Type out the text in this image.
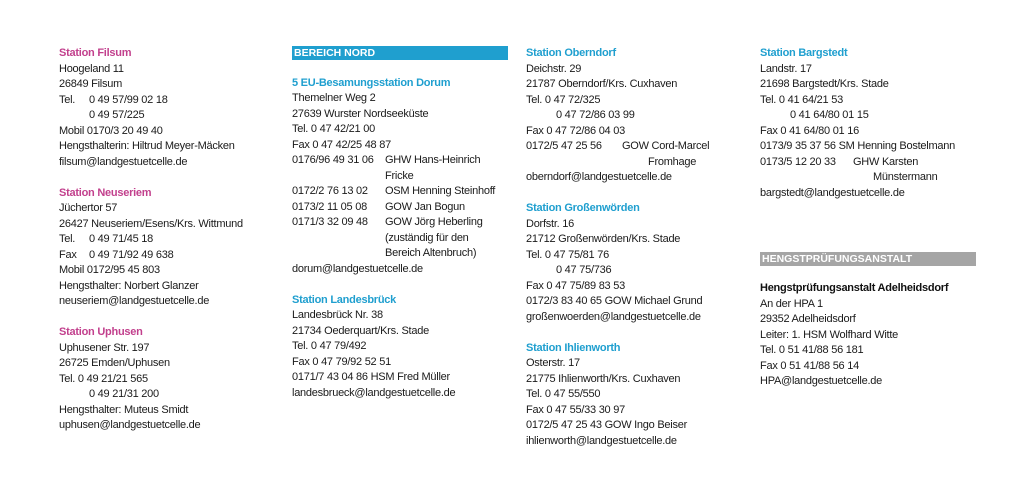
Station Filsum
Hoogeland 11
26849 Filsum
Tel.	0 49 57/99 02 18
0 49 57/225
Mobil 0170/3 20 49 40
Hengsthalterin: Hiltrud Meyer-Mäcken
filsum@landgestuetcelle.de
Station Neuseriem
Jüchertor 57
26427 Neuseriem/Esens/Krs. Wittmund
Tel.	0 49 71/45 18
Fax	0 49 71/92 49 638
Mobil 0172/95 45 803
Hengsthalter: Norbert Glanzer
neuseriem@landgestuetcelle.de
Station Uphusen
Uphusener Str. 197
26725 Emden/Uphusen
Tel. 0 49 21/21 565
0 49 21/31 200
Hengsthalter: Muteus Smidt
uphusen@landgestuetcelle.de
BEREICH NORD
5 EU-Besamungsstation Dorum
Themelner Weg 2
27639 Wurster Nordseeküste
Tel. 0 47 42/21 00
Fax 0 47 42/25 48 87
0176/96 49 31 06	GHW Hans-Heinrich
Fricke
0172/2 76 13 02	OSM Henning Steinhoff
0173/2 11 05 08	GOW Jan Bogun
0171/3 32 09 48	GOW Jörg Heberling
(zuständig für den
Bereich Altenbruch)
dorum@landgestuetcelle.de
Station Landesbrück
Landesbrück Nr. 38
21734 Oederquart/Krs. Stade
Tel. 0 47 79/492
Fax 0 47 79/92 52 51
0171/7 43 04 86 HSM Fred Müller
landesbrueck@landgestuetcelle.de
Station Oberndorf
Deichstr. 29
21787 Oberndorf/Krs. Cuxhaven
Tel. 0 47 72/325
0 47 72/86 03 99
Fax 0 47 72/86 04 03
0172/5 47 25 56	GOW Cord-Marcel
Fromhage
oberndorf@landgestuetcelle.de
Station Großenwörden
Dorfstr. 16
21712 Großenwörden/Krs. Stade
Tel. 0 47 75/81 76
0 47 75/736
Fax 0 47 75/89 83 53
0172/3 83 40 65 GOW Michael Grund
großenwoerden@landgestuetcelle.de
Station Ihlienworth
Osterstr. 17
21775 Ihlienworth/Krs. Cuxhaven
Tel. 0 47 55/550
Fax 0 47 55/33 30 97
0172/5 47 25 43 GOW Ingo Beiser
ihlienworth@landgestuetcelle.de
Station Bargstedt
Landstr. 17
21698 Bargstedt/Krs. Stade
Tel. 0 41 64/21 53
0 41 64/80 01 15
Fax 0 41 64/80 01 16
0173/9 35 37 56 SM Henning Bostelmann
0173/5 12 20 33	GHW Karsten
Münstermann
bargstedt@landgestuetcelle.de
HENGSTPRÜFUNGSANSTALT
Hengstprüfungsanstalt Adelheidsdorf
An der HPA 1
29352 Adelheidsdorf
Leiter: 1. HSM Wolfhard Witte
Tel. 0 51 41/88 56 181
Fax 0 51 41/88 56 14
HPA@landgestuetcelle.de
